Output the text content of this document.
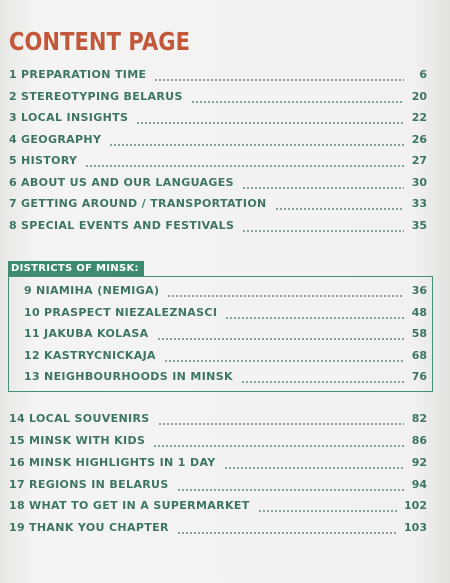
CONTENT PAGE
1 PREPARATION TIME	6
2 STEREOTYPING BELARUS	20
3 LOCAL INSIGHTS	22
4 GEOGRAPHY	26
5 HISTORY	27
6 ABOUT US AND OUR LANGUAGES	30
7 GETTING AROUND / TRANSPORTATION	33
8 SPECIAL EVENTS AND FESTIVALS	35
DISTRICTS OF MINSK:
9 NIAMIHA (NEMIGA)	36
10 PRASPECT NIEZALEZNASCI	48
11 JAKUBA KOLASA	58
12 KASTRYCNICKAJA	68
13 NEIGHBOURHOODS IN MINSK	76
14 LOCAL SOUVENIRS	82
15 MINSK WITH KIDS	86
16 MINSK HIGHLIGHTS IN 1 DAY	92
17 REGIONS IN BELARUS	94
18 WHAT TO GET IN A SUPERMARKET	102
19 THANK YOU CHAPTER	103
